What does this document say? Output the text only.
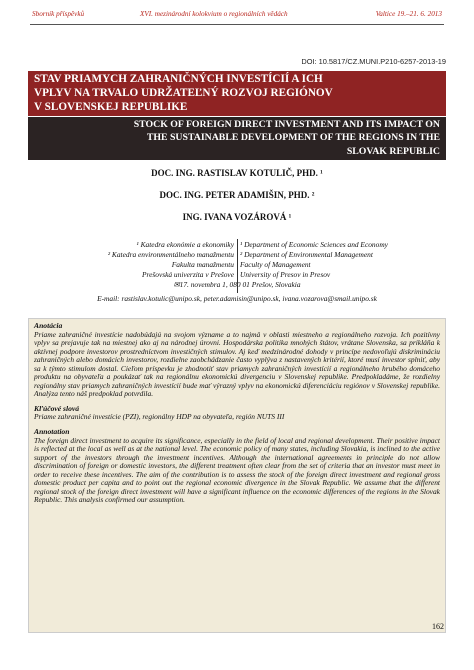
Sborník příspěvků	XVI. mezinárodní kolokvium o regionálních vědách	Valtice 19.–21. 6. 2013
DOI: 10.5817/CZ.MUNI.P210-6257-2013-19
STAV PRIAMYCH ZAHRANIČNÝCH INVESTÍCIÍ A ICH
VPLYV NA TRVALO UDRŽATEĽNÝ ROZVOJ REGIÓNOV
V SLOVENSKEJ REPUBLIKE
STOCK OF FOREIGN DIRECT INVESTMENT AND ITS IMPACT ON
THE SUSTAINABLE DEVELOPMENT OF THE REGIONS IN THE
SLOVAK REPUBLIC
DOC. ING. RASTISLAV KOTULIČ, PHD. ¹
DOC. ING. PETER ADAMIŠIN, PHD. ²
ING. IVANA VOZÁROVÁ ¹
¹ Katedra ekonómie a ekonomiky
² Katedra environmentálneho manažmentu
Fakulta manažmentu
Prešovská univerzita v Prešove
¹ Department of Economic Sciences and Economy
² Department of Environmental Management
Faculty of Management
University of Presov in Presov
✉17. novembra 1, 080 01 Prešov, Slovakia
E-mail: rastislav.kotulic@unipo.sk, peter.adamisin@unipo.sk, ivana.vozarova@smail.unipo.sk
Anotácia

Priame zahraničné investície nadobúdajú na svojom význame a to najmä v oblasti miestneho a regionálneho rozvoja. Ich pozitívny vplyv sa prejavuje tak na miestnej ako aj na národnej úrovni. Hospodárska politika mnohých štátov, vrátane Slovenska, sa prikláňa k aktívnej podpore investorov prostredníctvom investičných stimulov. Aj keď medzinárodné dohody v princípe nedovoľujú diskrimináciu zahraničných alebo domácich investorov, rozdielne zaobchádzanie často vyplýva z nastavených kritérií, ktoré musí investor splniť, aby sa k týmto stimulom dostal. Cieľom príspevku je zhodnotiť stav priamych zahraničných investícií a regionálneho hrubého domáceho produktu na obyvateľa a poukázať tak na regionálnu ekonomickú divergenciu v Slovenskej republike. Predpokladáme, že rozdielny regionálny stav priamych zahraničných investícií bude mať výrazný vplyv na ekonomickú diferenciáciu regiónov v Slovenskej republike. Analýza tento náš predpoklad potvrdila.

Kľúčové slová

Priame zahraničné investície (PZI), regionálny HDP na obyvateľa, región NUTS III

Annotation

The foreign direct investment to acquire its significance, especially in the field of local and regional development. Their positive impact is reflected at the local as well as at the national level. The economic policy of many states, including Slovakia, is inclined to the active support of the investors through the investment incentives. Although the international agreements in principle do not allow discrimination of foreign or domestic investors, the different treatment often clear from the set of criteria that an investor must meet in order to receive these incentives. The aim of the contribution is to assess the stock of the foreign direct investment and regional gross domestic product per capita and to point out the regional economic divergence in the Slovak Republic. We assume that the different regional stock of the foreign direct investment will have a significant influence on the economic differences of the regions in the Slovak Republic. This analysis confirmed our assumption.

162
